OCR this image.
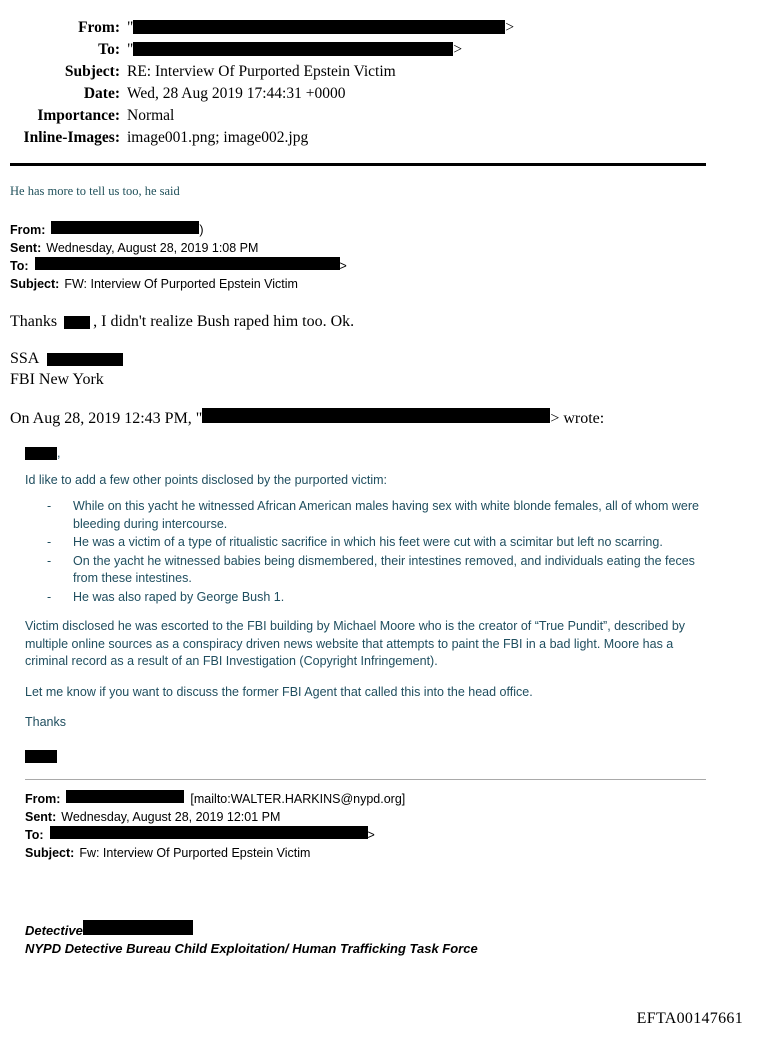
From: "	>
To: "	>
Subject: RE: Interview Of Purported Epstein Victim
Date: Wed, 28 Aug 2019 17:44:31 +0000
Importance: Normal
Inline-Images: image001.png; image002.jpg
He has more to tell us too, he said
From:	)
Sent: Wednesday, August 28, 2019 1:08 PM
To:	>
Subject: FW: Interview Of Purported Epstein Victim
Thanks , I didn't realize Bush raped him too. Ok.
SSA
FBI New York
On Aug 28, 2019 12:43 PM, "	> wrote:
,

Id like to add a few other points disclosed by the purported victim:

- While on this yacht he witnessed African American males having sex with white blonde females, all of whom were bleeding during intercourse.
- He was a victim of a type of ritualistic sacrifice in which his feet were cut with a scimitar but left no scarring.
- On the yacht he witnessed babies being dismembered, their intestines removed, and individuals eating the feces from these intestines.
- He was also raped by George Bush 1.

Victim disclosed he was escorted to the FBI building by Michael Moore who is the creator of “True Pundit”, described by multiple online sources as a conspiracy driven news website that attempts to paint the FBI in a bad light. Moore has a criminal record as a result of an FBI Investigation (Copyright Infringement).

Let me know if you want to discuss the former FBI Agent that called this into the head office.

Thanks

From:	[mailto:WALTER.HARKINS@nypd.org]
Sent: Wednesday, August 28, 2019 12:01 PM
To:	>
Subject: Fw: Interview Of Purported Epstein Victim
Detective
NYPD Detective Bureau Child Exploitation/ Human Trafficking Task Force
EFTA00147661
